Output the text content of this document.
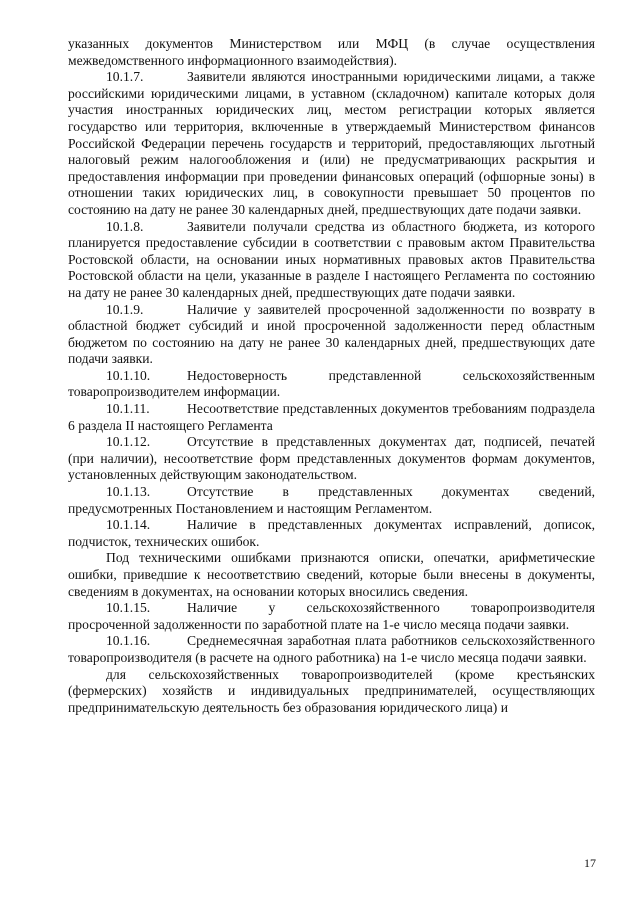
указанных документов Министерством или МФЦ (в случае осуществления межведомственного информационного взаимодействия).

10.1.7.	Заявители являются иностранными юридическими лицами, а также российскими юридическими лицами, в уставном (складочном) капитале которых доля участия иностранных юридических лиц, местом регистрации которых является государство или территория, включенные в утверждаемый Министерством финансов Российской Федерации перечень государств и территорий, предоставляющих льготный налоговый режим налогообложения и (или) не предусматривающих раскрытия и предоставления информации при проведении финансовых операций (офшорные зоны) в отношении таких юридических лиц, в совокупности превышает 50 процентов по состоянию на дату не ранее 30 календарных дней, предшествующих дате подачи заявки.

10.1.8.	Заявители получали средства из областного бюджета, из которого планируется предоставление субсидии в соответствии с правовым актом Правительства Ростовской области, на основании иных нормативных правовых актов Правительства Ростовской области на цели, указанные в разделе I настоящего Регламента по состоянию на дату не ранее 30 календарных дней, предшествующих дате подачи заявки.

10.1.9.	Наличие у заявителей просроченной задолженности по возврату в областной бюджет субсидий и иной просроченной задолженности перед областным бюджетом по состоянию на дату не ранее 30 календарных дней, предшествующих дате подачи заявки.

10.1.10.	Недостоверность представленной сельскохозяйственным товаропроизводителем информации.

10.1.11.	Несоответствие представленных документов требованиям подраздела 6 раздела II настоящего Регламента

10.1.12.	Отсутствие в представленных документах дат, подписей, печатей (при наличии), несоответствие форм представленных документов формам документов, установленных действующим законодательством.

10.1.13.	Отсутствие в представленных документах сведений, предусмотренных Постановлением и настоящим Регламентом.

10.1.14.	Наличие в представленных документах исправлений, дописок, подчисток, технических ошибок.

Под техническими ошибками признаются описки, опечатки, арифметические ошибки, приведшие к несоответствию сведений, которые были внесены в документы, сведениям в документах, на основании которых вносились сведения.

10.1.15.	Наличие у сельскохозяйственного товаропроизводителя просроченной задолженности по заработной плате на 1-е число месяца подачи заявки.

10.1.16.	Среднемесячная заработная плата работников сельскохозяйственного товаропроизводителя (в расчете на одного работника) на 1-е число месяца подачи заявки.

для сельскохозяйственных товаропроизводителей (кроме крестьянских (фермерских) хозяйств и индивидуальных предпринимателей, осуществляющих предпринимательскую деятельность без образования юридического лица) и

17
